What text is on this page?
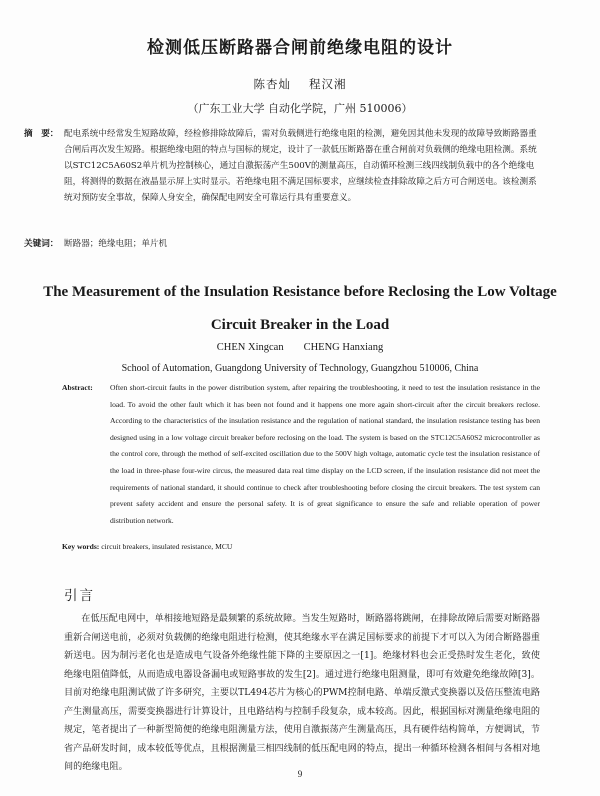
检测低压断路器合闸前绝缘电阻的设计
陈杏灿 程汉湘
（广东工业大学 自动化学院，广州 510006）
摘　要： 配电系统中经常发生短路故障，经检修排除故障后，需对负载侧进行绝缘电阻的检测，避免因其他未发现的故障导致断路器重合闸后再次发生短路。根据绝缘电阻的特点与国标的规定，设计了一款低压断路器在重合闸前对负载侧的绝缘电阻检测。系统以STC12C5A60S2单片机为控制核心，通过自激振荡产生500V的测量高压，自动循环检测三线四线制负载中的各个绝缘电阻，将测得的数据在液晶显示屏上实时显示。若绝缘电阻不满足国标要求，应继续检查排除故障之后方可合闸送电。该检测系统对预防安全事故，保障人身安全，确保配电网安全可靠运行具有重要意义。
关键词： 断路器；绝缘电阻；单片机
The Measurement of the Insulation Resistance before Reclosing the Low Voltage Circuit Breaker in the Load
CHEN Xingcan CHENG Hanxiang
School of Automation, Guangdong University of Technology, Guangzhou 510006, China
Abstract: Often short-circuit faults in the power distribution system, after repairing the troubleshooting, it need to test the insulation resistance in the load. To avoid the other fault which it has been not found and it happens one more again short-circuit after the circuit breakers reclose. According to the characteristics of the insulation resistance and the regulation of national standard, the insulation resistance testing has been designed using in a low voltage circuit breaker before reclosing on the load. The system is based on the STC12C5A60S2 microcontroller as the control core, through the method of self-excited oscillation due to the 500V high voltage, automatic cycle test the insulation resistance of the load in three-phase four-wire circus, the measured data real time display on the LCD screen, if the insulation resistance did not meet the requirements of national standard, it should continue to check after troubleshooting before closing the circuit breakers. The test system can prevent safety accident and ensure the personal safety. It is of great significance to ensure the safe and reliable operation of power distribution network.
Key words: circuit breakers, insulated resistance, MCU
引言
在低压配电网中，单相接地短路是最频繁的系统故障。当发生短路时，断路器将跳闸，在排除故障后需要对断路器重新合闸送电前，必须对负载侧的绝缘电阻进行检测，使其绝缘水平在满足国标要求的前提下才可以入为闭合断路器重新送电。因为制污老化也是造成电气设备外绝缘性能下降的主要原因之一[1]。绝缘材料也会正受热时发生老化，致使绝缘电阻值降低，从而造成电器设备漏电或短路事故的发生[2]。通过进行绝缘电阻测量，即可有效避免绝缘故障[3]。目前对绝缘电阻测试做了许多研究，主要以TL494芯片为核心的PWM控制电路、单端反激式变换器以及倍压整流电路产生测量高压，需要变换器进行计算设计，且电路结构与控制手段复杂，成本较高。因此，根据国标对测量绝缘电阻的规定，笔者提出了一种新型简便的绝缘电阻测量方法，使用自激振荡产生测量高压，具有硬件结构简单，方便调试，节省产品研发时间，成本较低等优点，且根据测量三相四线制的低压配电网的特点，提出一种循环检测各相间与各相对地间的绝缘电阻。
9
